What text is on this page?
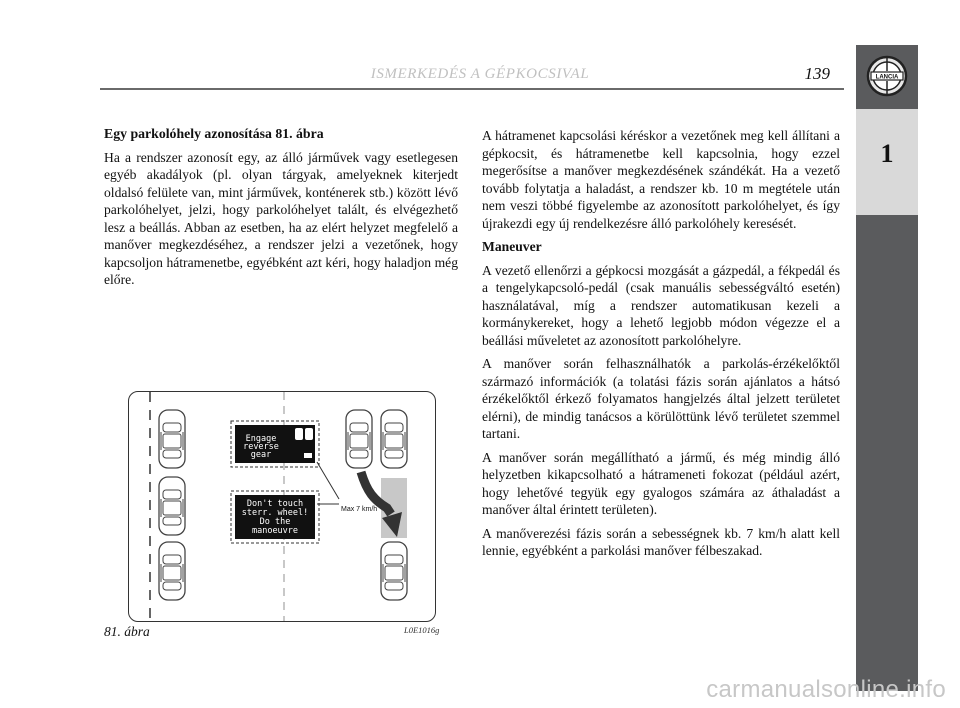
ISMERKEDÉS A GÉPKOCSIVAL	139	LANCIA
1

Egy parkolóhely azonosítása 81. ábra

Ha a rendszer azonosít egy, az álló járművek vagy esetlegesen egyéb akadályok (pl. olyan tárgyak, amelyeknek kiterjedt oldalsó felülete van, mint járművek, konténerek stb.) között lévő parkolóhelyet, jelzi, hogy parkolóhelyet talált, és elvégezhető lesz a beállás. Abban az esetben, ha az elért helyzet megfelelő a manőver megkezdéséhez, a rendszer jelzi a vezetőnek, hogy kapcsoljon hátramenetbe, egyébként azt kéri, hogy haladjon még előre.

A hátramenet kapcsolási kéréskor a vezetőnek meg kell állítani a gépkocsit, és hátramenetbe kell kapcsolnia, hogy ezzel megerősítse a manőver megkezdésének szándékát. Ha a vezető tovább folytatja a haladást, a rendszer kb. 10 m megtétele után nem veszi többé figyelembe az azonosított parkolóhelyet, és így újrakezdi egy új rendelkezésre álló parkolóhely keresését.

Maneuver

A vezető ellenőrzi a gépkocsi mozgását a gázpedál, a fékpedál és a tengelykapcsoló-pedál (csak manuális sebességváltó esetén) használatával, míg a rendszer automatikusan kezeli a kormánykereket, hogy a lehető legjobb módon végezze el a beállási műveletet az azonosított parkolóhelyre.

A manőver során felhasználhatók a parkolás-érzékelőktől származó információk (a tolatási fázis során ajánlatos a hátsó érzékelőktől érkező folyamatos hangjelzés által jelzett területet elérni), de mindig tanácsos a körülöttünk lévő területet szemmel tartani.

A manőver során megállítható a jármű, és még mindig álló helyzetben kikapcsolható a hátrameneti fokozat (például azért, hogy lehetővé tegyük egy gyalogos számára az áthaladást a manőver által érintett területen).

A manőverezési fázis során a sebességnek kb. 7 km/h alatt kell lennie, egyébként a parkolási manőver félbeszakad.

Max 7 km/h
Engage
reverse
gear
Don't touch
sterr. wheel!
Do the
manoeuvre
81. ábra	L0E1016g
carmanualsonline.info
